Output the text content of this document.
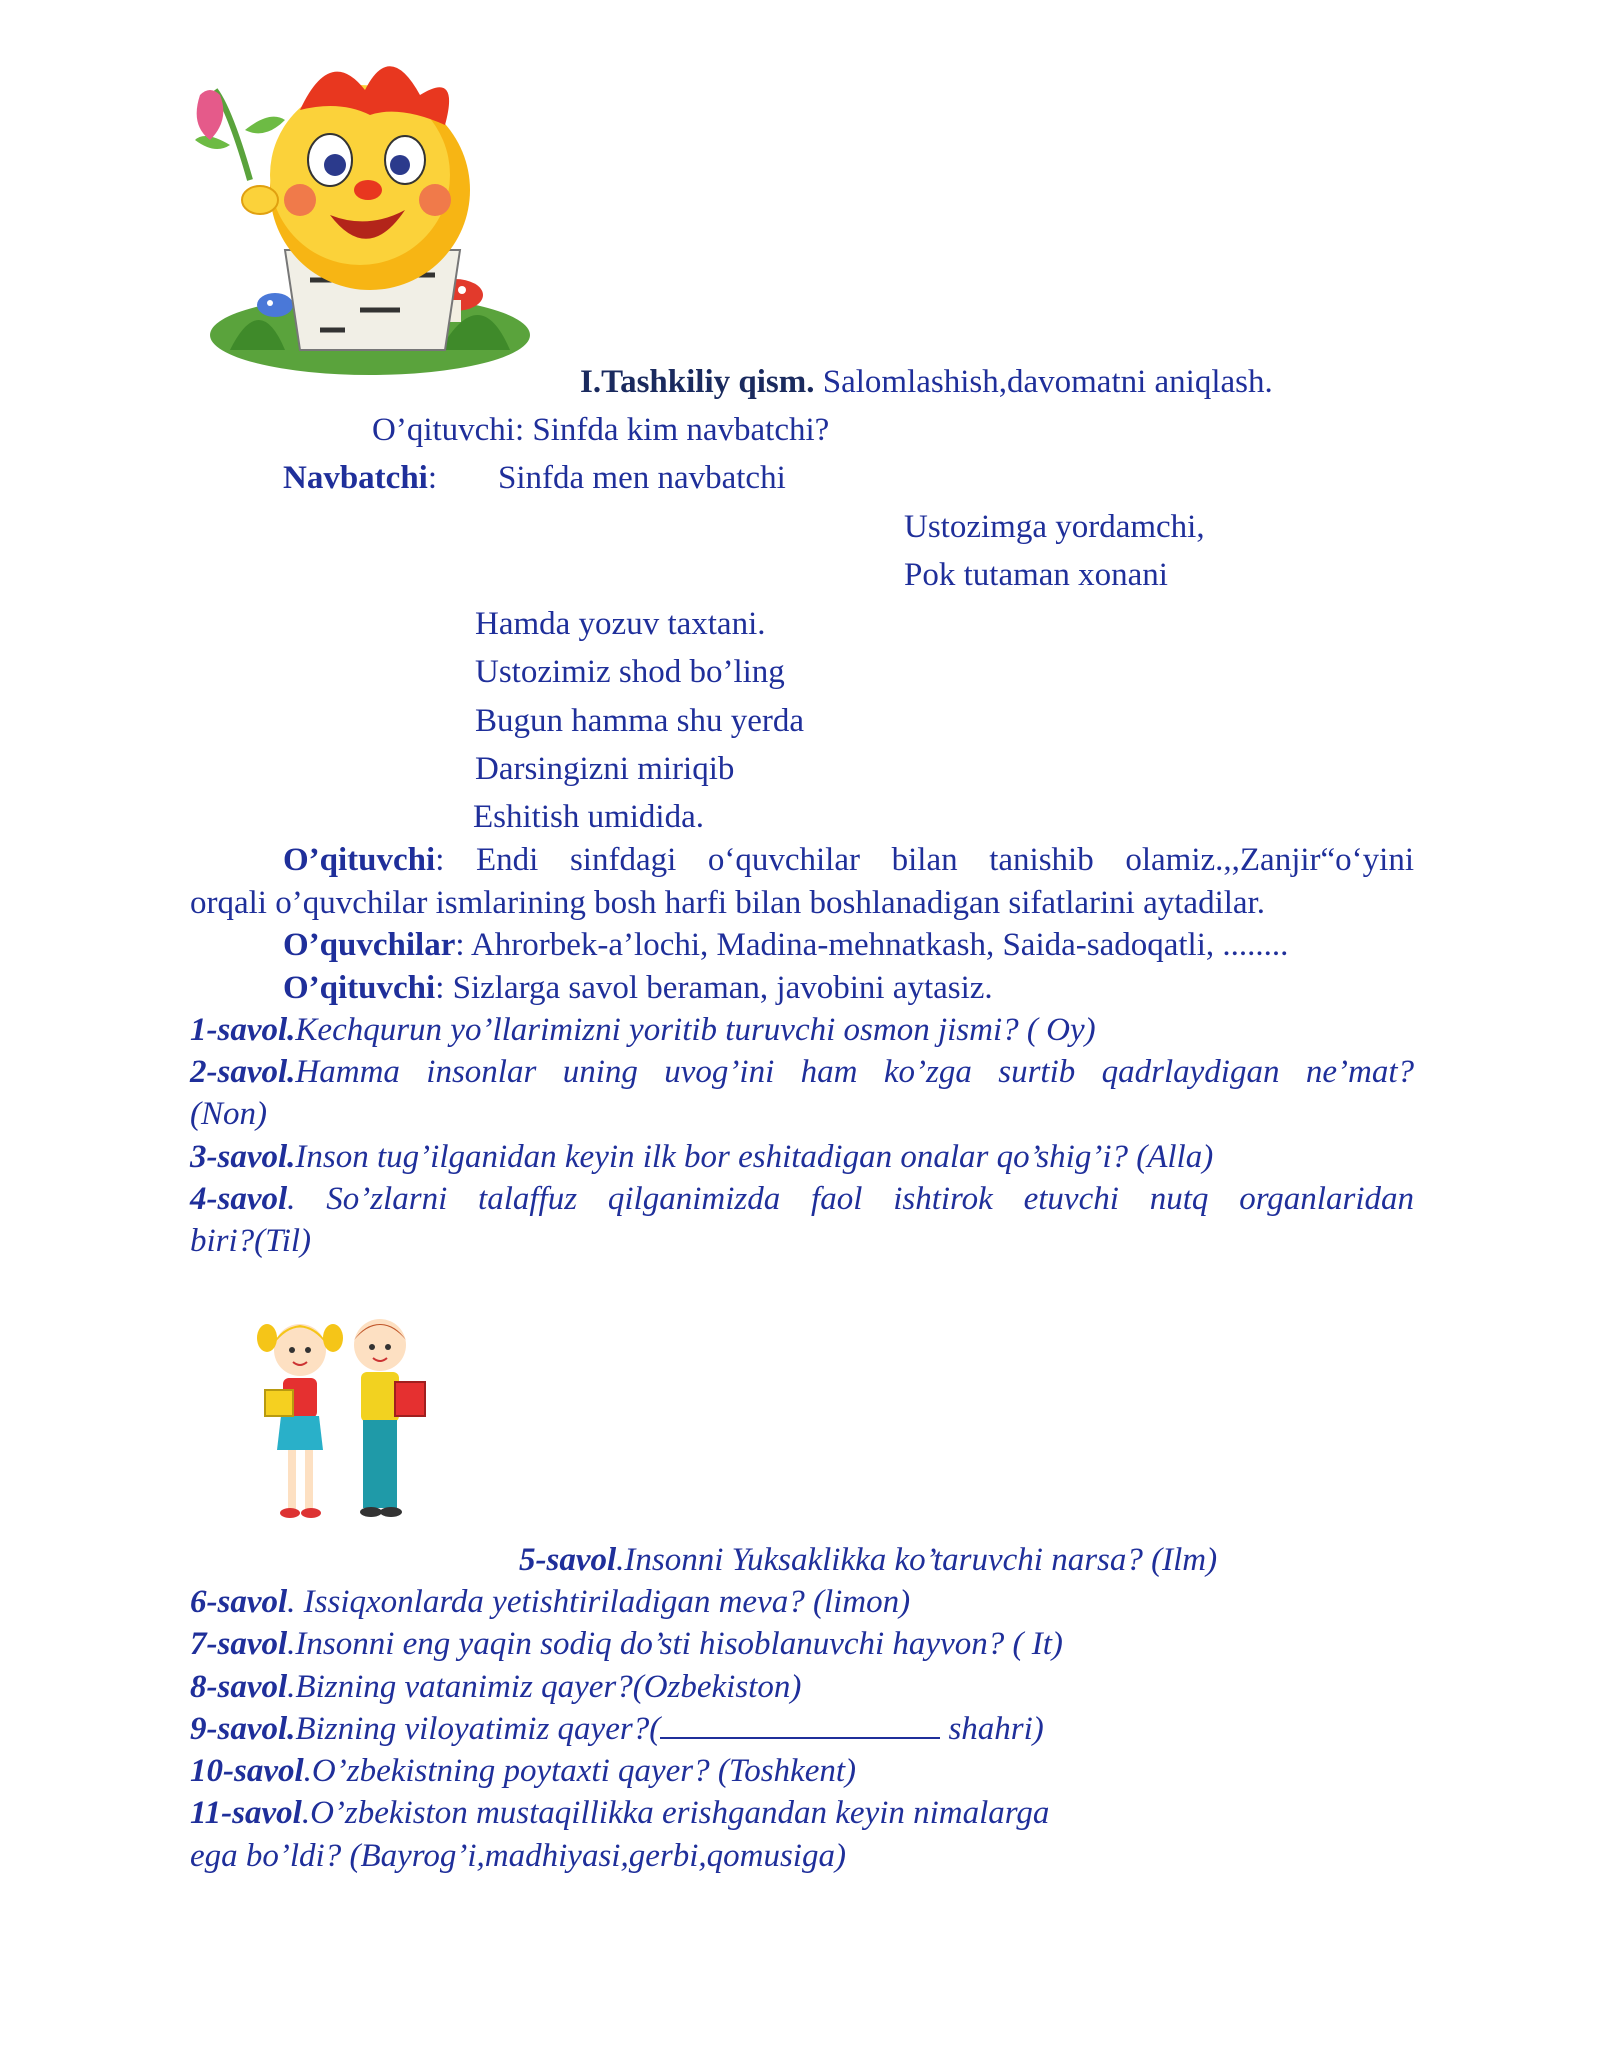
I.Tashkiliy qism. Salomlashish,davomatni aniqlash.
O’qituvchi: Sinfda kim navbatchi?
Navbatchi: Sinfda men navbatchi
Ustozimga yordamchi,
Pok tutaman xonani
Hamda yozuv taxtani.
Ustozimiz shod bo’ling
Bugun hamma shu yerda
Darsingizni miriqib
Eshitish umidida.
O’qituvchi: Endi sinfdagi o‘quvchilar bilan tanishib olamiz.,,Zanjir“o‘yini
orqali o’quvchilar ismlarining bosh harfi bilan boshlanadigan sifatlarini aytadilar.
O’quvchilar: Ahrorbek-a’lochi, Madina-mehnatkash, Saida-sadoqatli, ........
O’qituvchi: Sizlarga savol beraman, javobini aytasiz.
1-savol.Kechqurun yo’llarimizni yoritib turuvchi osmon jismi? ( Oy)
2-savol.Hamma insonlar uning uvog’ini ham ko’zga surtib qadrlaydigan ne’mat?
(Non)
3-savol.Inson tug’ilganidan keyin ilk bor eshitadigan onalar qo’shig’i? (Alla)
4-savol. So’zlarni talaffuz qilganimizda faol ishtirok etuvchi nutq organlaridan
biri?(Til)
5-savol.Insonni Yuksaklikka ko’taruvchi narsa? (Ilm)
6-savol. Issiqxonlarda yetishtiriladigan meva? (limon)
7-savol.Insonni eng yaqin sodiq do’sti hisoblanuvchi hayvon? ( It)
8-savol.Bizning vatanimiz qayer?(Ozbekiston)
9-savol.Bizning viloyatimiz qayer?(	shahri)
10-savol.O’zbekistning poytaxti qayer? (Toshkent)
11-savol.O’zbekiston mustaqillikka erishgandan keyin nimalarga
ega bo’ldi? (Bayrog’i,madhiyasi,gerbi,qomusiga)
